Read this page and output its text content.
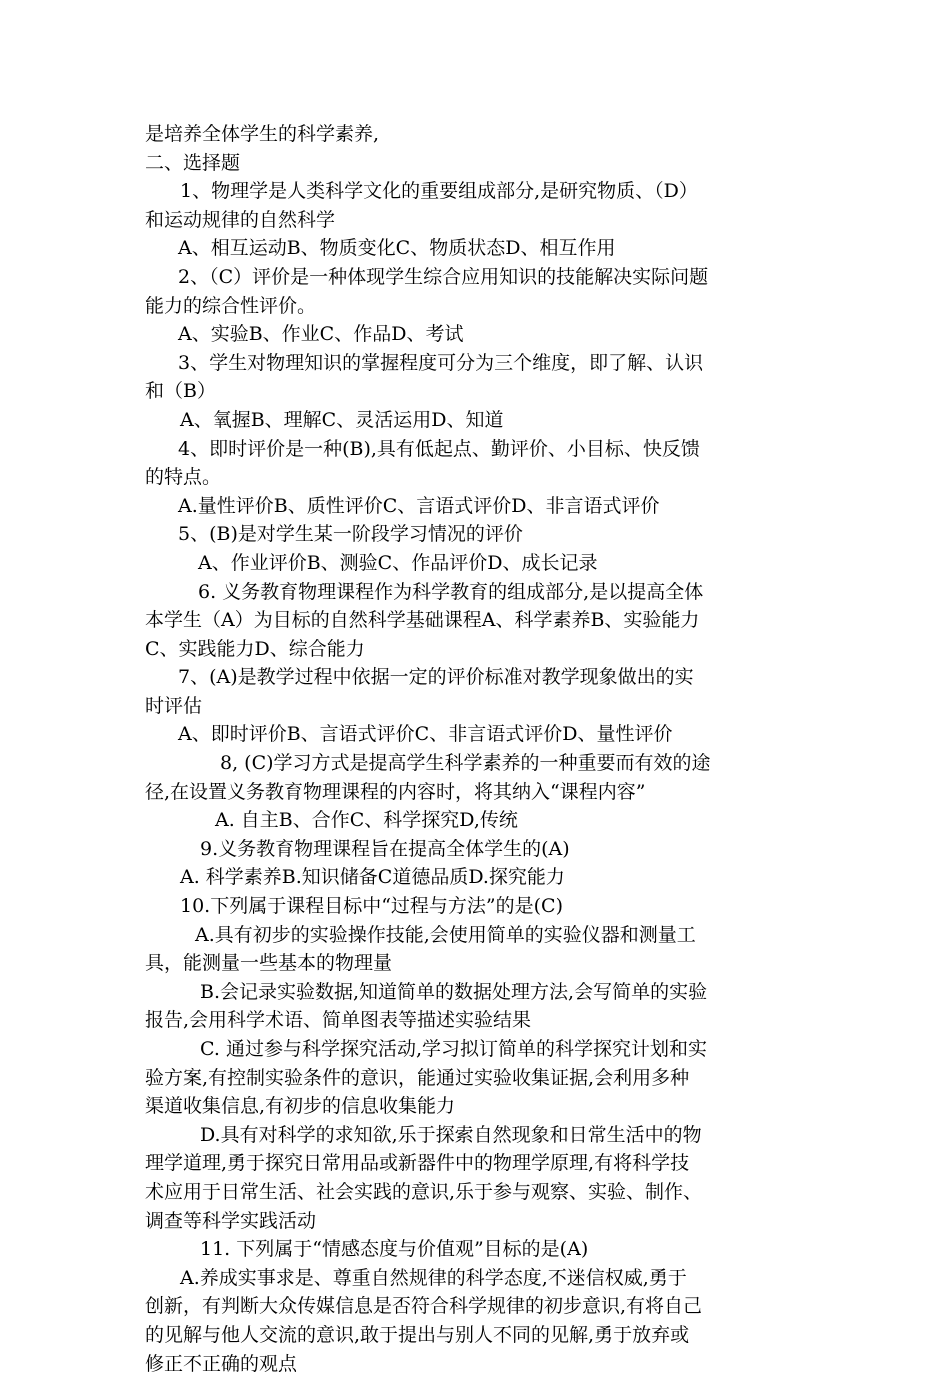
是培养全体学生的科学素养,
二、选择题
1、物理学是人类科学文化的重要组成部分,是研究物质、（D）
和运动规律的自然科学
A、相互运动B、物质变化C、物质状态D、相互作用
2、（C）评价是一种体现学生综合应用知识的技能解决实际问题
能力的综合性评价。
A、实验B、作业C、作品D、考试
3、学生对物理知识的掌握程度可分为三个维度，即了解、认识
和（B）
A、氧握B、理解C、灵活运用D、知道
4、即时评价是一种(B),具有低起点、勤评价、小目标、快反馈
的特点。
A.量性评价B、质性评价C、言语式评价D、非言语式评价
5、(B)是对学生某一阶段学习情况的评价
A、作业评价B、测验C、作品评价D、成长记录
6. 义务教育物理课程作为科学教育的组成部分,是以提高全体
本学生（A）为目标的自然科学基础课程A、科学素养B、实验能力
C、实践能力D、综合能力
7、(A)是教学过程中依据一定的评价标准对教学现象做出的实
时评估
A、即时评价B、言语式评价C、非言语式评价D、量性评价
8, (C)学习方式是提高学生科学素养的一种重要而有效的途
径,在设置义务教育物理课程的内容时，将其纳入“课程内容”
A. 自主B、合作C、科学探究D,传统
9.义务教育物理课程旨在提高全体学生的(A)
A. 科学素养B.知识储备C道德品质D.探究能力
10.下列属于课程目标中“过程与方法”的是(C)
A.具有初步的实验操作技能,会使用简单的实验仪器和测量工
具，能测量一些基本的物理量
B.会记录实验数据,知道简单的数据处理方法,会写简单的实验
报告,会用科学术语、简单图表等描述实验结果
C. 通过参与科学探究活动,学习拟订简单的科学探究计划和实
验方案,有控制实验条件的意识，能通过实验收集证据,会利用多种
渠道收集信息,有初步的信息收集能力
D.具有对科学的求知欲,乐于探索自然现象和日常生活中的物
理学道理,勇于探究日常用品或新器件中的物理学原理,有将科学技
术应用于日常生活、社会实践的意识,乐于参与观察、实验、制作、
调查等科学实践活动
11. 下列属于“情感态度与价值观”目标的是(A)
A.养成实事求是、尊重自然规律的科学态度,不迷信权威,勇于
创新，有判断大众传媒信息是否符合科学规律的初步意识,有将自己
的见解与他人交流的意识,敢于提出与别人不同的见解,勇于放弃或
修正不正确的观点
